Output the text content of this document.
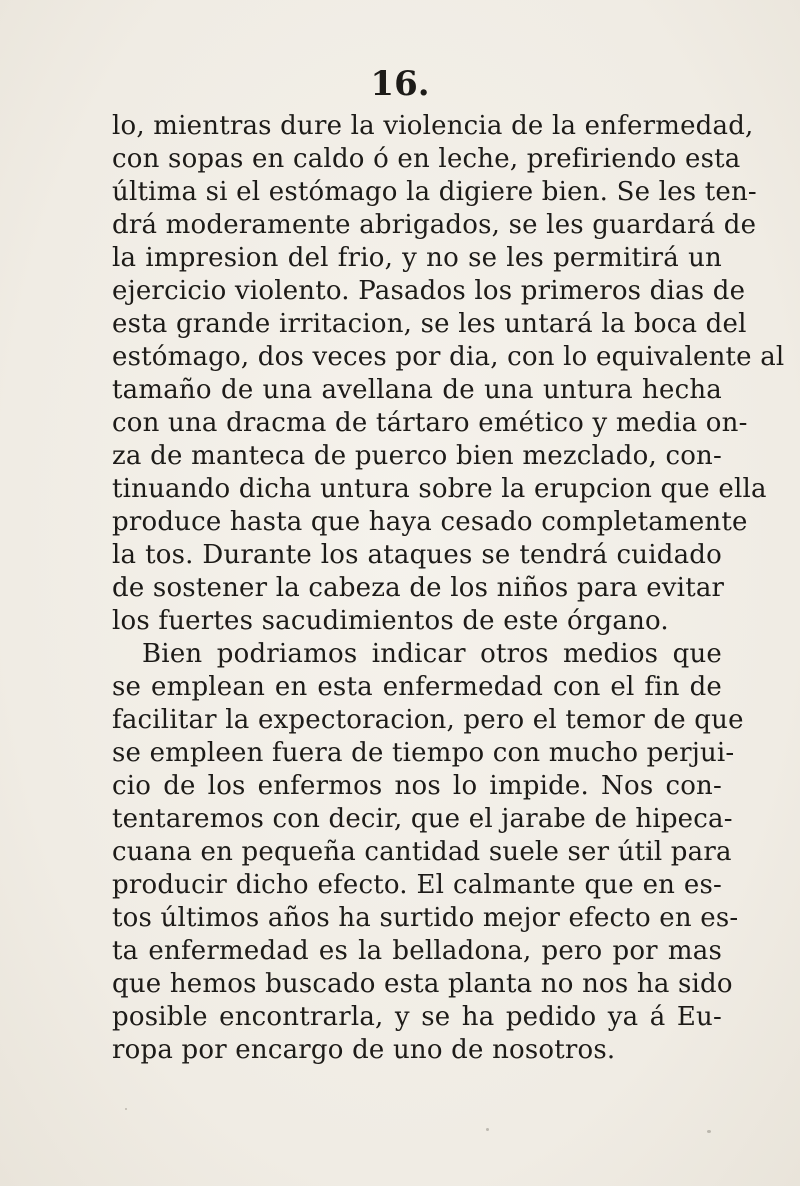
16.
lo, mientras dure la violencia de la enfermedad,
con sopas en caldo ó en leche, prefiriendo esta
última si el estómago la digiere bien. Se les ten-
drá moderamente abrigados, se les guardará de
la impresion del frio, y no se les permitirá un
ejercicio violento. Pasados los primeros dias de
esta grande irritacion, se les untará la boca del
estómago, dos veces por dia, con lo equivalente al
tamaño de una avellana de una untura hecha
con una dracma de tártaro emético y media on-
za de manteca de puerco bien mezclado, con-
tinuando dicha untura sobre la erupcion que ella
produce hasta que haya cesado completamente
la tos. Durante los ataques se tendrá cuidado
de sostener la cabeza de los niños para evitar
los fuertes sacudimientos de este órgano.
Bien podriamos indicar otros medios que
se emplean en esta enfermedad con el fin de
facilitar la expectoracion, pero el temor de que
se empleen fuera de tiempo con mucho perjui-
cio de los enfermos nos lo impide. Nos con-
tentaremos con decir, que el jarabe de hipeca-
cuana en pequeña cantidad suele ser útil para
producir dicho efecto. El calmante que en es-
tos últimos años ha surtido mejor efecto en es-
ta enfermedad es la belladona, pero por mas
que hemos buscado esta planta no nos ha sido
posible encontrarla, y se ha pedido ya á Eu-
ropa por encargo de uno de nosotros.
